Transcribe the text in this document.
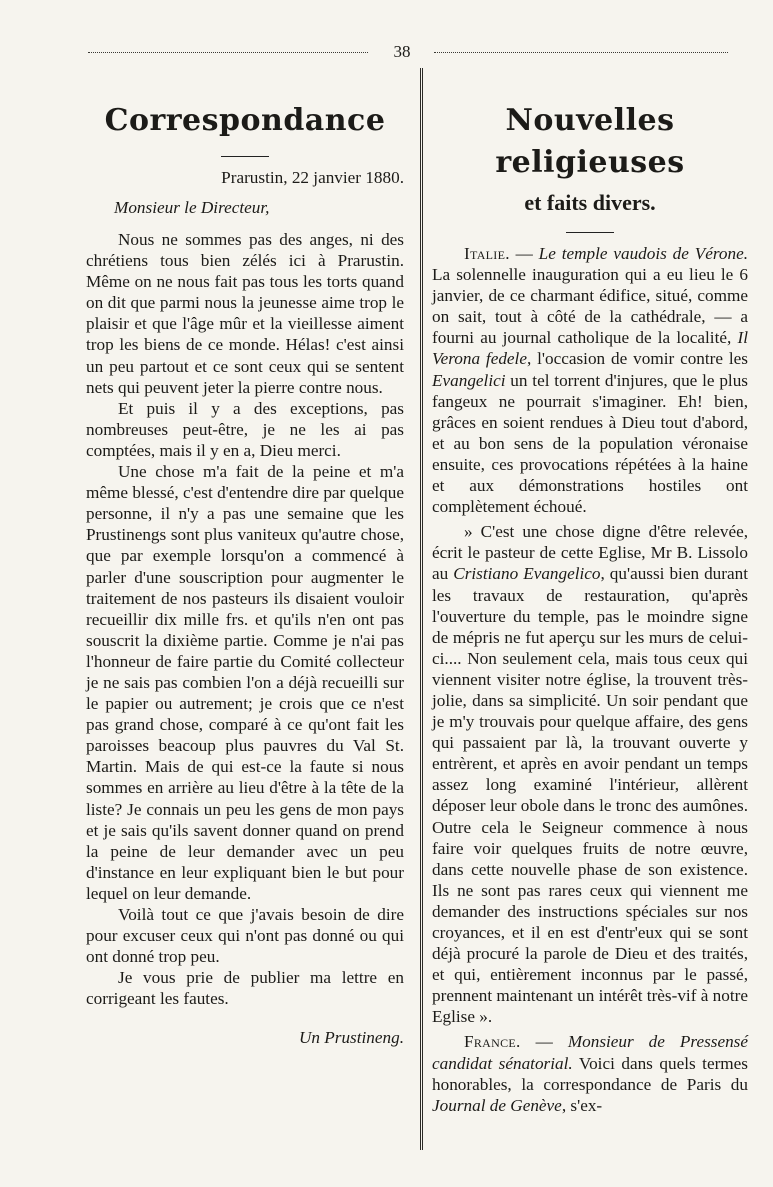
38
Correspondance
Prarustin, 22 janvier 1880.
Monsieur le Directeur,

Nous ne sommes pas des anges, ni des chrétiens tous bien zélés ici à Prarustin. Même on ne nous fait pas tous les torts quand on dit que parmi nous la jeunesse aime trop le plaisir et que l'âge mûr et la vieillesse aiment trop les biens de ce monde. Hélas! c'est ainsi un peu partout et ce sont ceux qui se sentent nets qui peuvent jeter la pierre contre nous.

Et puis il y a des exceptions, pas nombreuses peut-être, je ne les ai pas comptées, mais il y en a, Dieu merci.

Une chose m'a fait de la peine et m'a même blessé, c'est d'entendre dire par quelque personne, il n'y a pas une semaine que les Prustinengs sont plus vaniteux qu'autre chose, que par exemple lorsqu'on a commencé à parler d'une souscription pour augmenter le traitement de nos pasteurs ils disaient vouloir recueillir dix mille frs. et qu'ils n'en ont pas souscrit la dixième partie. Comme je n'ai pas l'honneur de faire partie du Comité collecteur je ne sais pas combien l'on a déjà recueilli sur le papier ou autrement; je crois que ce n'est pas grand chose, comparé à ce qu'ont fait les paroisses beacoup plus pauvres du Val St. Martin. Mais de qui est-ce la faute si nous sommes en arrière au lieu d'être à la tête de la liste? Je connais un peu les gens de mon pays et je sais qu'ils savent donner quand on prend la peine de leur demander avec un peu d'instance en leur expliquant bien le but pour lequel on leur demande.

Voilà tout ce que j'avais besoin de dire pour excuser ceux qui n'ont pas donné ou qui ont donné trop peu.

Je vous prie de publier ma lettre en corrigeant les fautes.

Un Prustineng.
Nouvelles religieuses
et faits divers.

Italie. — Le temple vaudois de Vérone. La solennelle inauguration qui a eu lieu le 6 janvier, de ce charmant édifice, situé, comme on sait, tout à côté de la cathédrale, — a fourni au journal catholique de la localité, Il Verona fedele, l'occasion de vomir contre les Evangelici un tel torrent d'injures, que le plus fangeux ne pourrait s'imaginer. Eh! bien, grâces en soient rendues à Dieu tout d'abord, et au bon sens de la population véronaise ensuite, ces provocations répétées à la haine et aux démonstrations hostiles ont complètement échoué.

» C'est une chose digne d'être relevée, écrit le pasteur de cette Eglise, Mr B. Lissolo au Cristiano Evangelico, qu'aussi bien durant les travaux de restauration, qu'après l'ouverture du temple, pas le moindre signe de mépris ne fut aperçu sur les murs de celui-ci.... Non seulement cela, mais tous ceux qui viennent visiter notre église, la trouvent très-jolie, dans sa simplicité. Un soir pendant que je m'y trouvais pour quelque affaire, des gens qui passaient par là, la trouvant ouverte y entrèrent, et après en avoir pendant un temps assez long examiné l'intérieur, allèrent déposer leur obole dans le tronc des aumônes. Outre cela le Seigneur commence à nous faire voir quelques fruits de notre œuvre, dans cette nouvelle phase de son existence. Ils ne sont pas rares ceux qui viennent me demander des instructions spéciales sur nos croyances, et il en est d'entr'eux qui se sont déjà procuré la parole de Dieu et des traités, et qui, entièrement inconnus par le passé, prennent maintenant un intérêt très-vif à notre Eglise ».

France. — Monsieur de Pressensé candidat sénatorial. Voici dans quels termes honorables, la correspondance de Paris du Journal de Genève, s'ex-
